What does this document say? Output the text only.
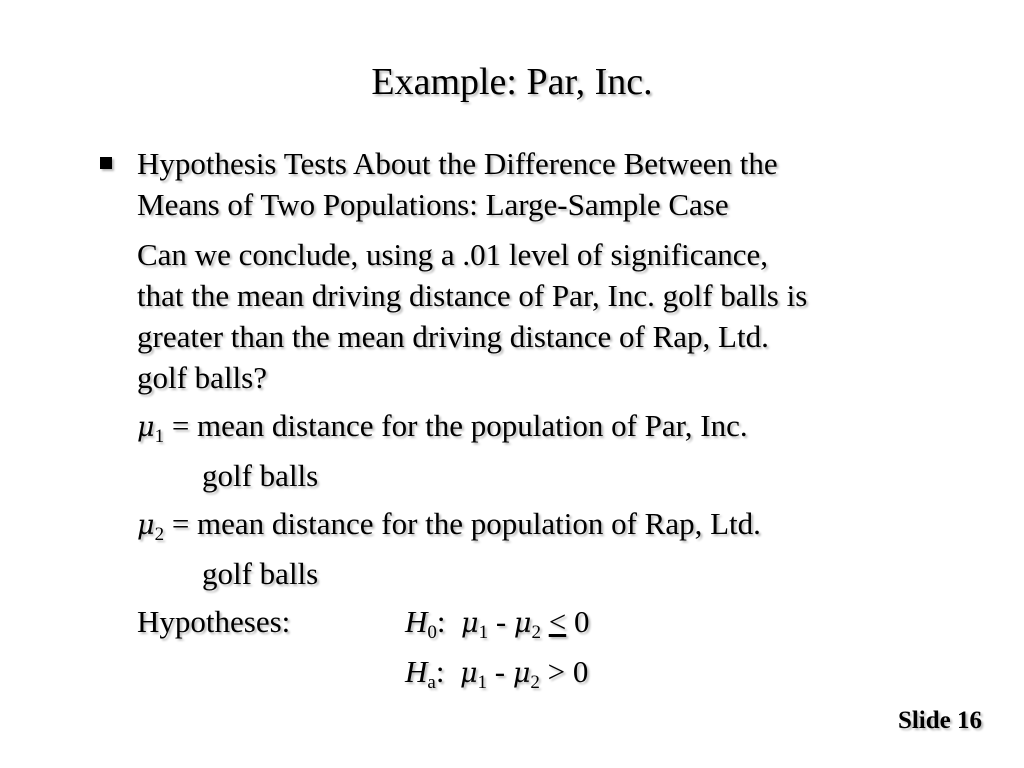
Example: Par, Inc.
Hypothesis Tests About the Difference Between the
Means of Two Populations: Large-Sample Case
Can we conclude, using a .01 level of significance,
that the mean driving distance of Par, Inc. golf balls is
greater than the mean driving distance of Rap, Ltd.
golf balls?
$\mu_1$ = mean distance for the population of Par, Inc.
golf balls
$\mu_2$ = mean distance for the population of Rap, Ltd.
golf balls
Hypotheses:	$H_0$:  $\mu_1 - \mu_2 < 0$
$H_a$:  $\mu_1 - \mu_2 > 0$
Slide 16
